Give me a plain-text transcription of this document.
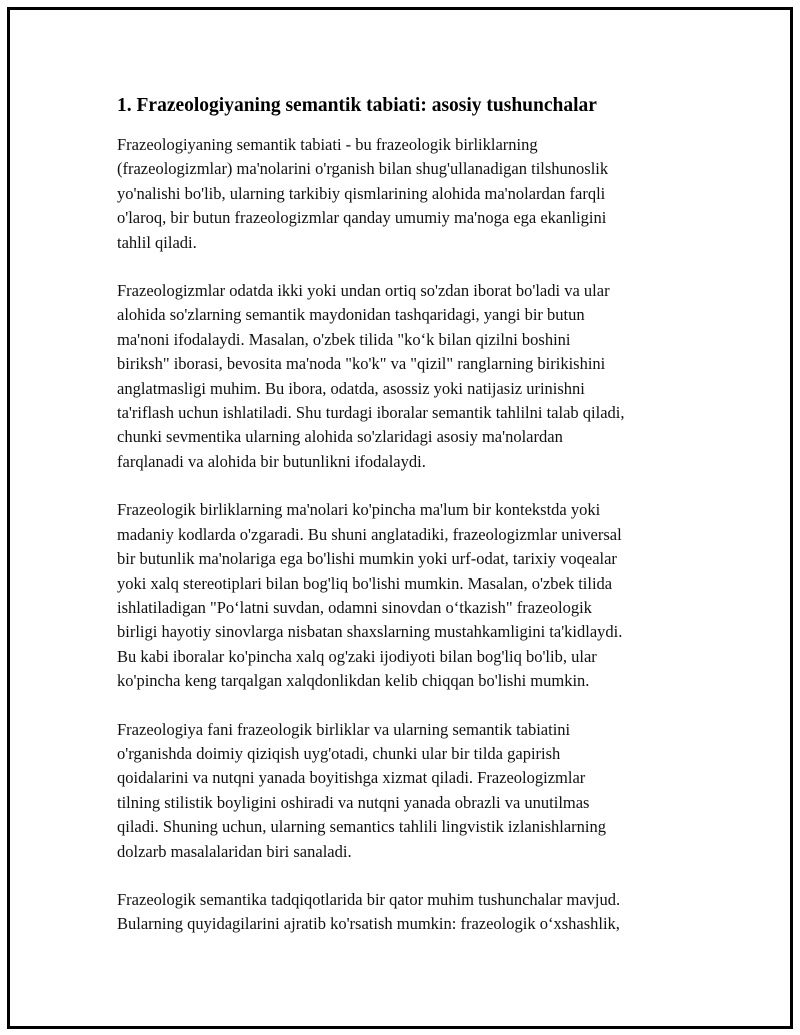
1. Frazeologiyaning semantik tabiati: asosiy tushunchalar

Frazeologiyaning semantik tabiati - bu frazeologik birliklarning
(frazeologizmlar) ma'nolarini o'rganish bilan shug'ullanadigan tilshunoslik
yo'nalishi bo'lib, ularning tarkibiy qismlarining alohida ma'nolardan farqli
o'laroq, bir butun frazeologizmlar qanday umumiy ma'noga ega ekanligini
tahlil qiladi.

Frazeologizmlar odatda ikki yoki undan ortiq so'zdan iborat bo'ladi va ular
alohida so'zlarning semantik maydonidan tashqaridagi, yangi bir butun
ma'noni ifodalaydi. Masalan, o'zbek tilida "ko‘k bilan qizilni boshini
biriksh" iborasi, bevosita ma'noda "ko'k" va "qizil" ranglarning birikishini
anglatmasligi muhim. Bu ibora, odatda, asossiz yoki natijasiz urinishni
ta'riflash uchun ishlatiladi. Shu turdagi iboralar semantik tahlilni talab qiladi,
chunki sevmentika ularning alohida so'zlaridagi asosiy ma'nolardan
farqlanadi va alohida bir butunlikni ifodalaydi.

Frazeologik birliklarning ma'nolari ko'pincha ma'lum bir kontekstda yoki
madaniy kodlarda o'zgaradi. Bu shuni anglatadiki, frazeologizmlar universal
bir butunlik ma'nolariga ega bo'lishi mumkin yoki urf-odat, tarixiy voqealar
yoki xalq stereotiplari bilan bog'liq bo'lishi mumkin. Masalan, o'zbek tilida
ishlatiladigan "Po‘latni suvdan, odamni sinovdan o‘tkazish" frazeologik
birligi hayotiy sinovlarga nisbatan shaxslarning mustahkamligini ta'kidlaydi.
Bu kabi iboralar ko'pincha xalq og'zaki ijodiyoti bilan bog'liq bo'lib, ular
ko'pincha keng tarqalgan xalqdonlikdan kelib chiqqan bo'lishi mumkin.

Frazeologiya fani frazeologik birliklar va ularning semantik tabiatini
o'rganishda doimiy qiziqish uyg'otadi, chunki ular bir tilda gapirish
qoidalarini va nutqni yanada boyitishga xizmat qiladi. Frazeologizmlar
tilning stilistik boyligini oshiradi va nutqni yanada obrazli va unutilmas
qiladi. Shuning uchun, ularning semantics tahlili lingvistik izlanishlarning
dolzarb masalalaridan biri sanaladi.

Frazeologik semantika tadqiqotlarida bir qator muhim tushunchalar mavjud.
Bularning quyidagilarini ajratib ko'rsatish mumkin: frazeologik o‘xshashlik,
